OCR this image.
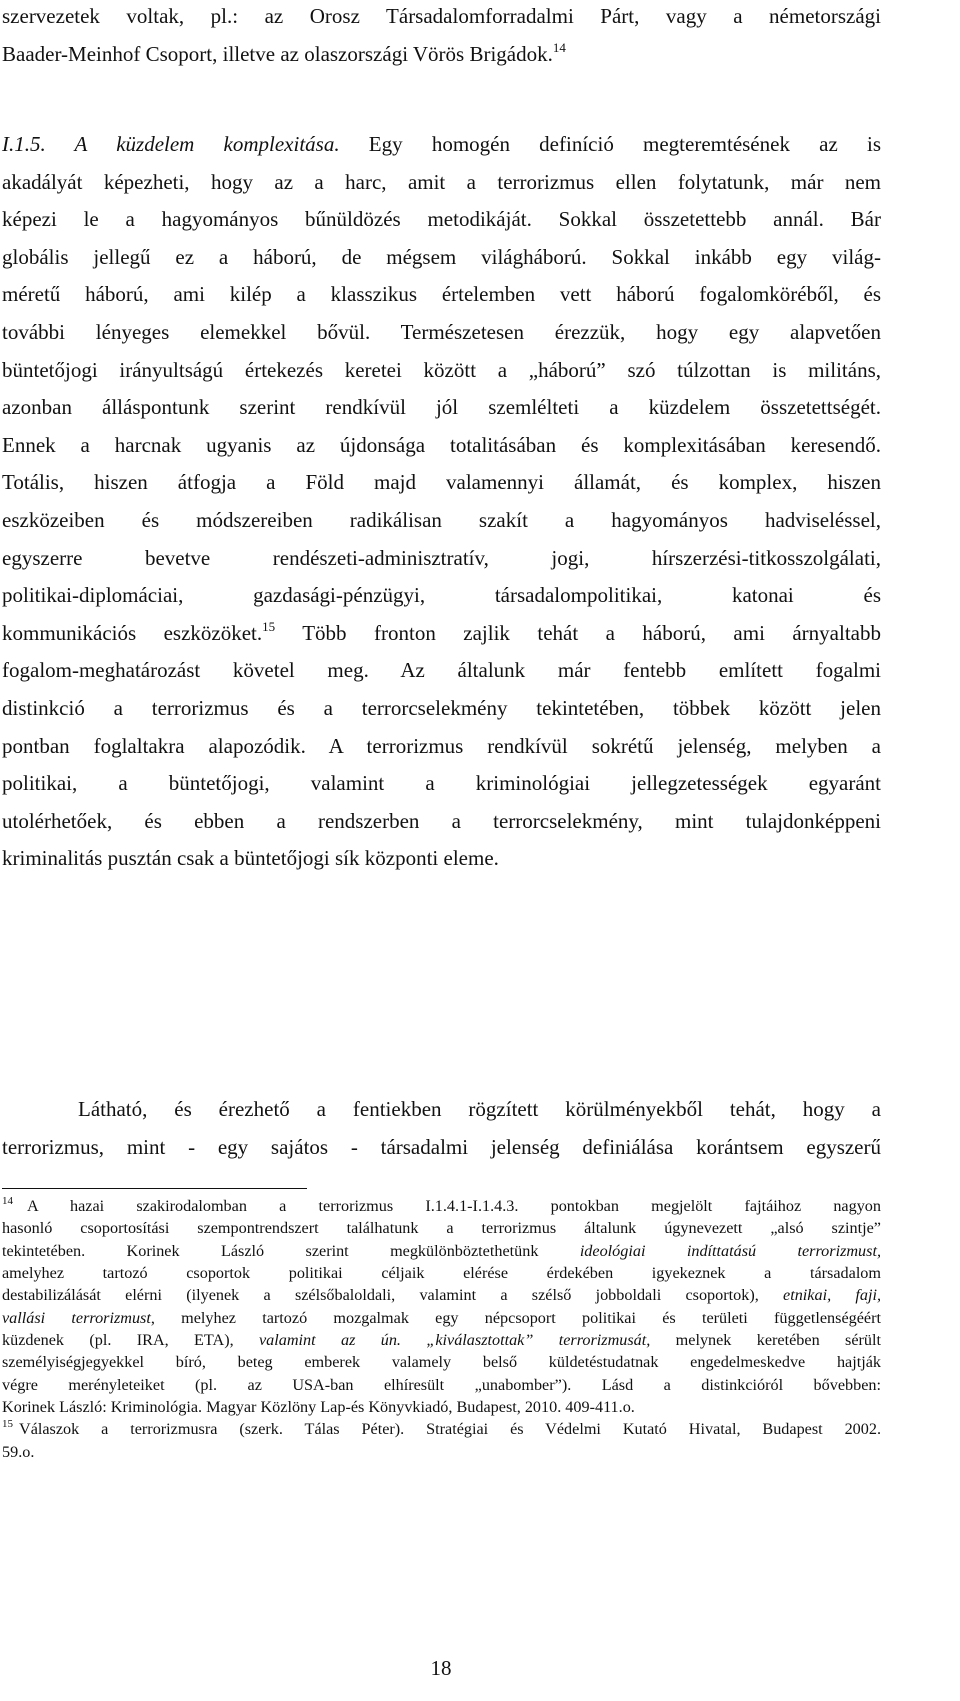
szervezetek voltak, pl.: az Orosz Társadalomforradalmi Párt, vagy a németországi
Baader-Meinhof Csoport, illetve az olaszországi Vörös Brigádok.$^{14}$
I.1.5. A küzdelem komplexitása. Egy homogén definíció megteremtésének az is
akadályát képezheti, hogy az a harc, amit a terrorizmus ellen folytatunk, már nem
képezi le a hagyományos bűnüldözés metodikáját. Sokkal összetettebb annál. Bár
globális jellegű ez a háború, de mégsem világháború. Sokkal inkább egy világ-
méretű háború, ami kilép a klasszikus értelemben vett háború fogalomköréből, és
további lényeges elemekkel bővül. Természetesen érezzük, hogy egy alapvetően
büntetőjogi irányultságú értekezés keretei között a „háború” szó túlzottan is militáns,
azonban álláspontunk szerint rendkívül jól szemlélteti a küzdelem összetettségét.
Ennek a harcnak ugyanis az újdonsága totalitásában és komplexitásában keresendő.
Totális, hiszen átfogja a Föld majd valamennyi államát, és komplex, hiszen
eszközeiben és módszereiben radikálisan szakít a hagyományos hadviseléssel,
egyszerre bevetve rendészeti-adminisztratív, jogi, hírszerzési-titkosszolgálati,
politikai-diplomáciai, gazdasági-pénzügyi, társadalompolitikai, katonai és
kommunikációs eszközöket.$^{15}$ Több fronton zajlik tehát a háború, ami árnyaltabb
fogalom-meghatározást követel meg. Az általunk már fentebb említett fogalmi
distinkció a terrorizmus és a terrorcselekmény tekintetében, többek között jelen
pontban foglaltakra alapozódik. A terrorizmus rendkívül sokrétű jelenség, melyben a
politikai, a büntetőjogi, valamint a kriminológiai jellegzetességek egyaránt
utolérhetőek, és ebben a rendszerben a terrorcselekmény, mint tulajdonképpeni
kriminalitás pusztán csak a büntetőjogi sík központi eleme.
Látható, és érezhető a fentiekben rögzített körülményekből tehát, hogy a
terrorizmus, mint - egy sajátos - társadalmi jelenség definiálása korántsem egyszerű
$^{14}$ A hazai szakirodalomban a terrorizmus I.1.4.1-I.1.4.3. pontokban megjelölt fajtáihoz nagyon
hasonló csoportosítási szempontrendszert találhatunk a terrorizmus általunk úgynevezett „alsó szintje”
tekintetében. Korinek László szerint megkülönböztethetünk ideológiai indíttatású terrorizmust,
amelyhez tartozó csoportok politikai céljaik elérése érdekében igyekeznek a társadalom
destabilizálását elérni (ilyenek a szélsőbaloldali, valamint a szélső jobboldali csoportok), etnikai, faji,
vallási terrorizmust, melyhez tartozó mozgalmak egy népcsoport politikai és területi függetlenségéért
küzdenek (pl. IRA, ETA), valamint az ún. „kiválasztottak” terrorizmusát, melynek keretében sérült
személyiségjegyekkel bíró, beteg emberek valamely belső küldetéstudatnak engedelmeskedve hajtják
végre merényleteiket (pl. az USA-ban elhíresült „unabomber”). Lásd a distinkcióról bővebben:
Korinek László: Kriminológia. Magyar Közlöny Lap-és Könyvkiadó, Budapest, 2010. 409-411.o.
$^{15}$ Válaszok a terrorizmusra (szerk. Tálas Péter). Stratégiai és Védelmi Kutató Hivatal, Budapest 2002.
59.o.
18
